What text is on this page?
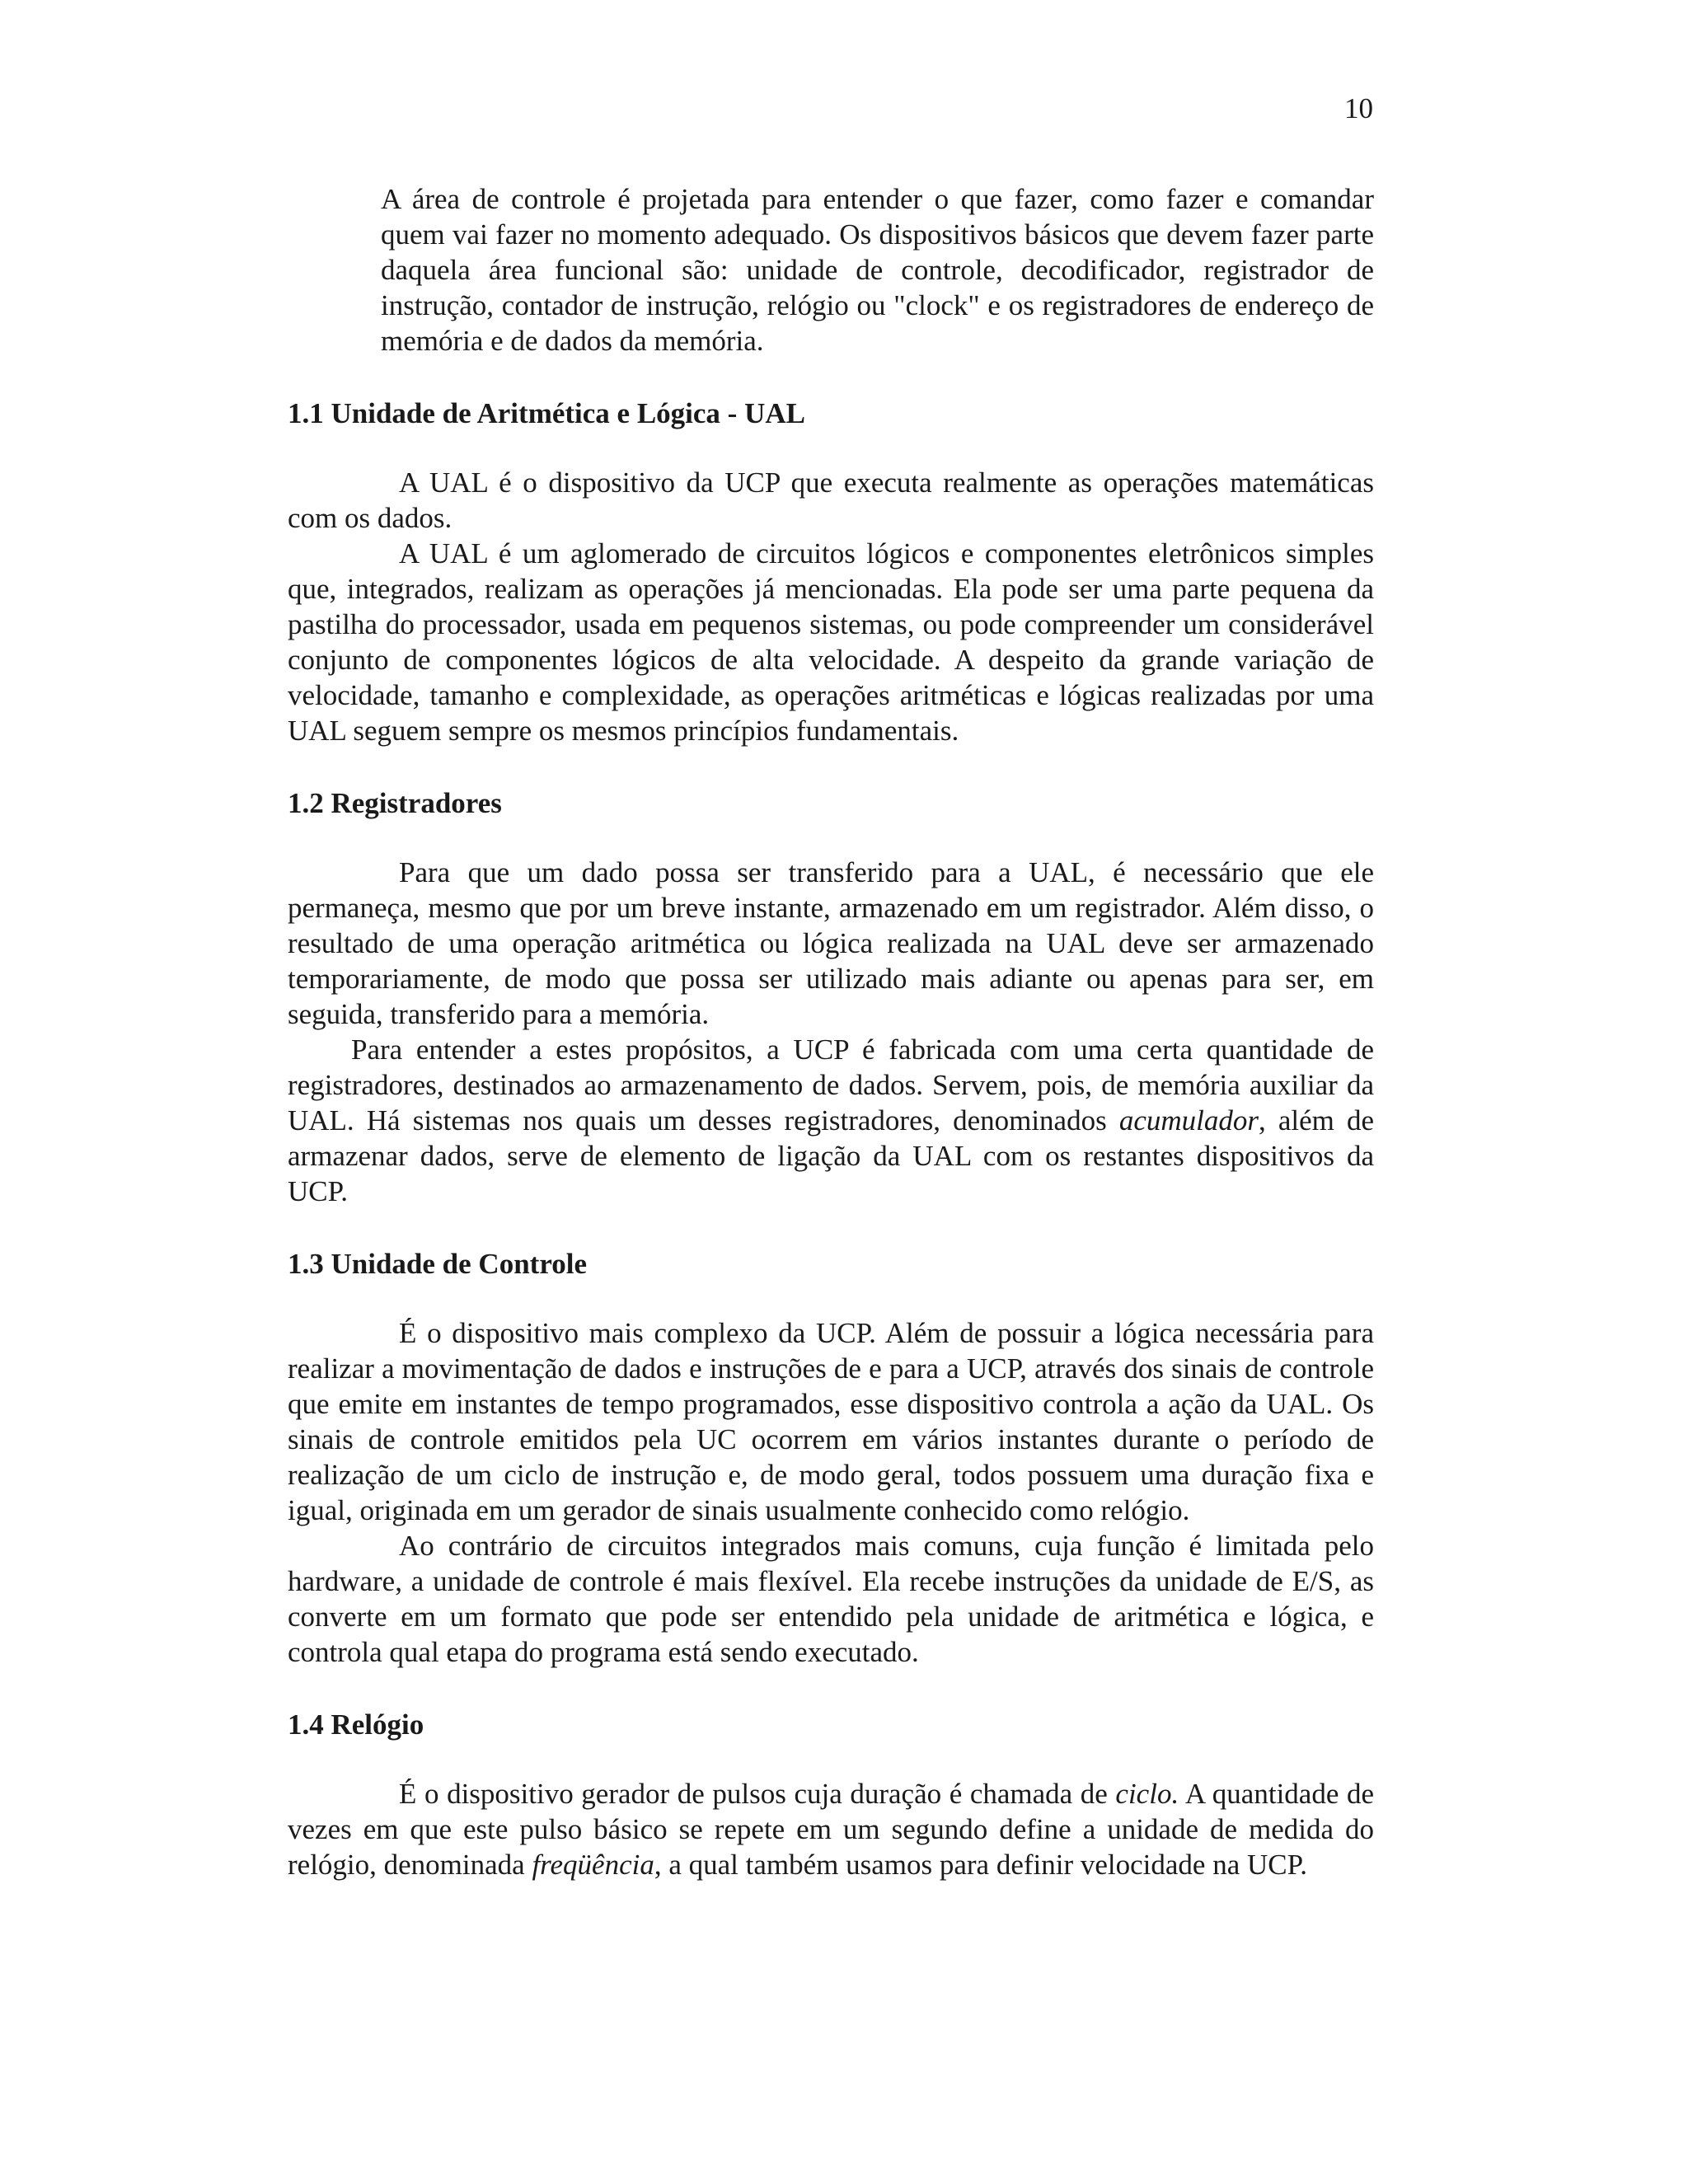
10

A área de controle é projetada para entender o que fazer, como fazer e comandar quem vai fazer no momento adequado. Os dispositivos básicos que devem fazer parte daquela área funcional são: unidade de controle, decodificador, registrador de instrução, contador de instrução, relógio ou "clock" e os registradores de endereço de memória e de dados da memória.

1.1 Unidade de Aritmética e Lógica - UAL

A UAL é o dispositivo da UCP que executa realmente as operações matemáticas com os dados.

A UAL é um aglomerado de circuitos lógicos e componentes eletrônicos simples que, integrados, realizam as operações já mencionadas. Ela pode ser uma parte pequena da pastilha do processador, usada em pequenos sistemas, ou pode compreender um considerável conjunto de componentes lógicos de alta velocidade. A despeito da grande variação de velocidade, tamanho e complexidade, as operações aritméticas e lógicas realizadas por uma UAL seguem sempre os mesmos princípios fundamentais.

1.2 Registradores

Para que um dado possa ser transferido para a UAL, é necessário que ele permaneça, mesmo que por um breve instante, armazenado em um registrador. Além disso, o resultado de uma operação aritmética ou lógica realizada na UAL deve ser armazenado temporariamente, de modo que possa ser utilizado mais adiante ou apenas para ser, em seguida, transferido para a memória.

Para entender a estes propósitos, a UCP é fabricada com uma certa quantidade de registradores, destinados ao armazenamento de dados. Servem, pois, de memória auxiliar da UAL. Há sistemas nos quais um desses registradores, denominados acumulador, além de armazenar dados, serve de elemento de ligação da UAL com os restantes dispositivos da UCP.

1.3 Unidade de Controle

É o dispositivo mais complexo da UCP. Além de possuir a lógica necessária para realizar a movimentação de dados e instruções de e para a UCP, através dos sinais de controle que emite em instantes de tempo programados, esse dispositivo controla a ação da UAL. Os sinais de controle emitidos pela UC ocorrem em vários instantes durante o período de realização de um ciclo de instrução e, de modo geral, todos possuem uma duração fixa e igual, originada em um gerador de sinais usualmente conhecido como relógio.

Ao contrário de circuitos integrados mais comuns, cuja função é limitada pelo hardware, a unidade de controle é mais flexível. Ela recebe instruções da unidade de E/S, as converte em um formato que pode ser entendido pela unidade de aritmética e lógica, e controla qual etapa do programa está sendo executado.

1.4 Relógio

É o dispositivo gerador de pulsos cuja duração é chamada de ciclo. A quantidade de vezes em que este pulso básico se repete em um segundo define a unidade de medida do relógio, denominada freqüência, a qual também usamos para definir velocidade na UCP.
